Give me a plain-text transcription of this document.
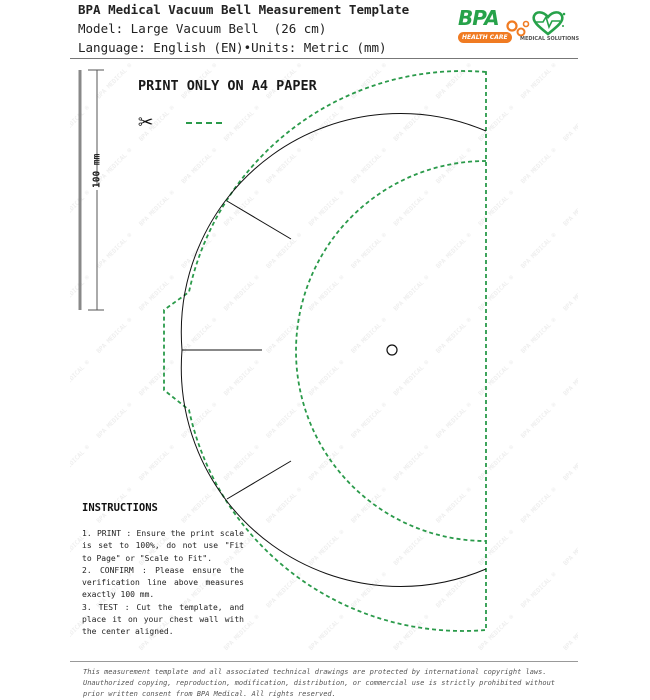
BPA Medical Vacuum Bell Measurement Template
Model: Large Vacuum Bell  (26 cm)
Language: English (EN)•Units: Metric (mm)
BPA
HEALTH CARE	MEDICAL SOLUTIONS
PRINT ONLY ON A4 PAPER
✂
INSTRUCTIONS
1. PRINT : Ensure the print scale is set to 100%, do not use "Fit to Page" or "Scale to Fit".
2. CONFIRM : Please ensure the verification line above measures exactly 100 mm.
3. TEST : Cut the template, and place it on your chest wall with the center aligned.
This measurement template and all associated technical drawings are protected by international copyright laws. Unauthorized copying, reproduction, modification, distribution, or commercial use is strictly prohibited without prior written consent from BPA Medical. All rights reserved.
